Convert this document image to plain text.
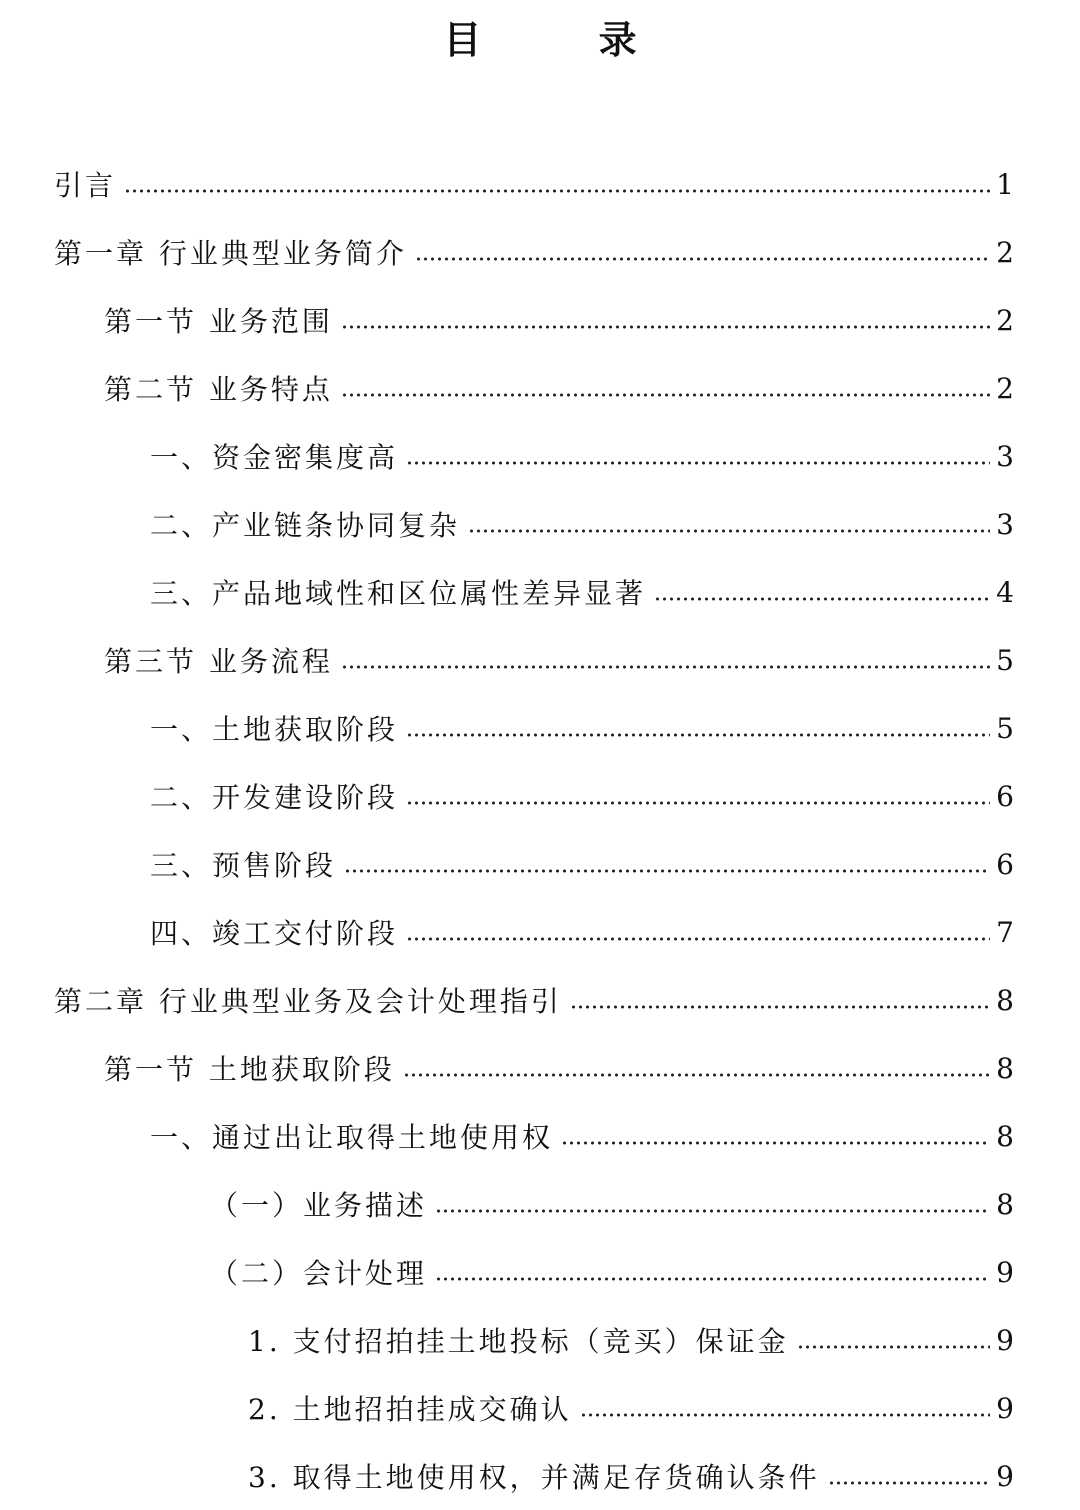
目 录
引言	1
第一章 行业典型业务简介	2
第一节 业务范围	2
第二节 业务特点	2
一、资金密集度高	3
二、产业链条协同复杂	3
三、产品地域性和区位属性差异显著	4
第三节 业务流程	5
一、土地获取阶段	5
二、开发建设阶段	6
三、预售阶段	6
四、竣工交付阶段	7
第二章 行业典型业务及会计处理指引	8
第一节 土地获取阶段	8
一、通过出让取得土地使用权	8
（一）业务描述	8
（二）会计处理	9
1. 支付招拍挂土地投标（竞买）保证金	9
2. 土地招拍挂成交确认	9
3. 取得土地使用权，并满足存货确认条件	9
